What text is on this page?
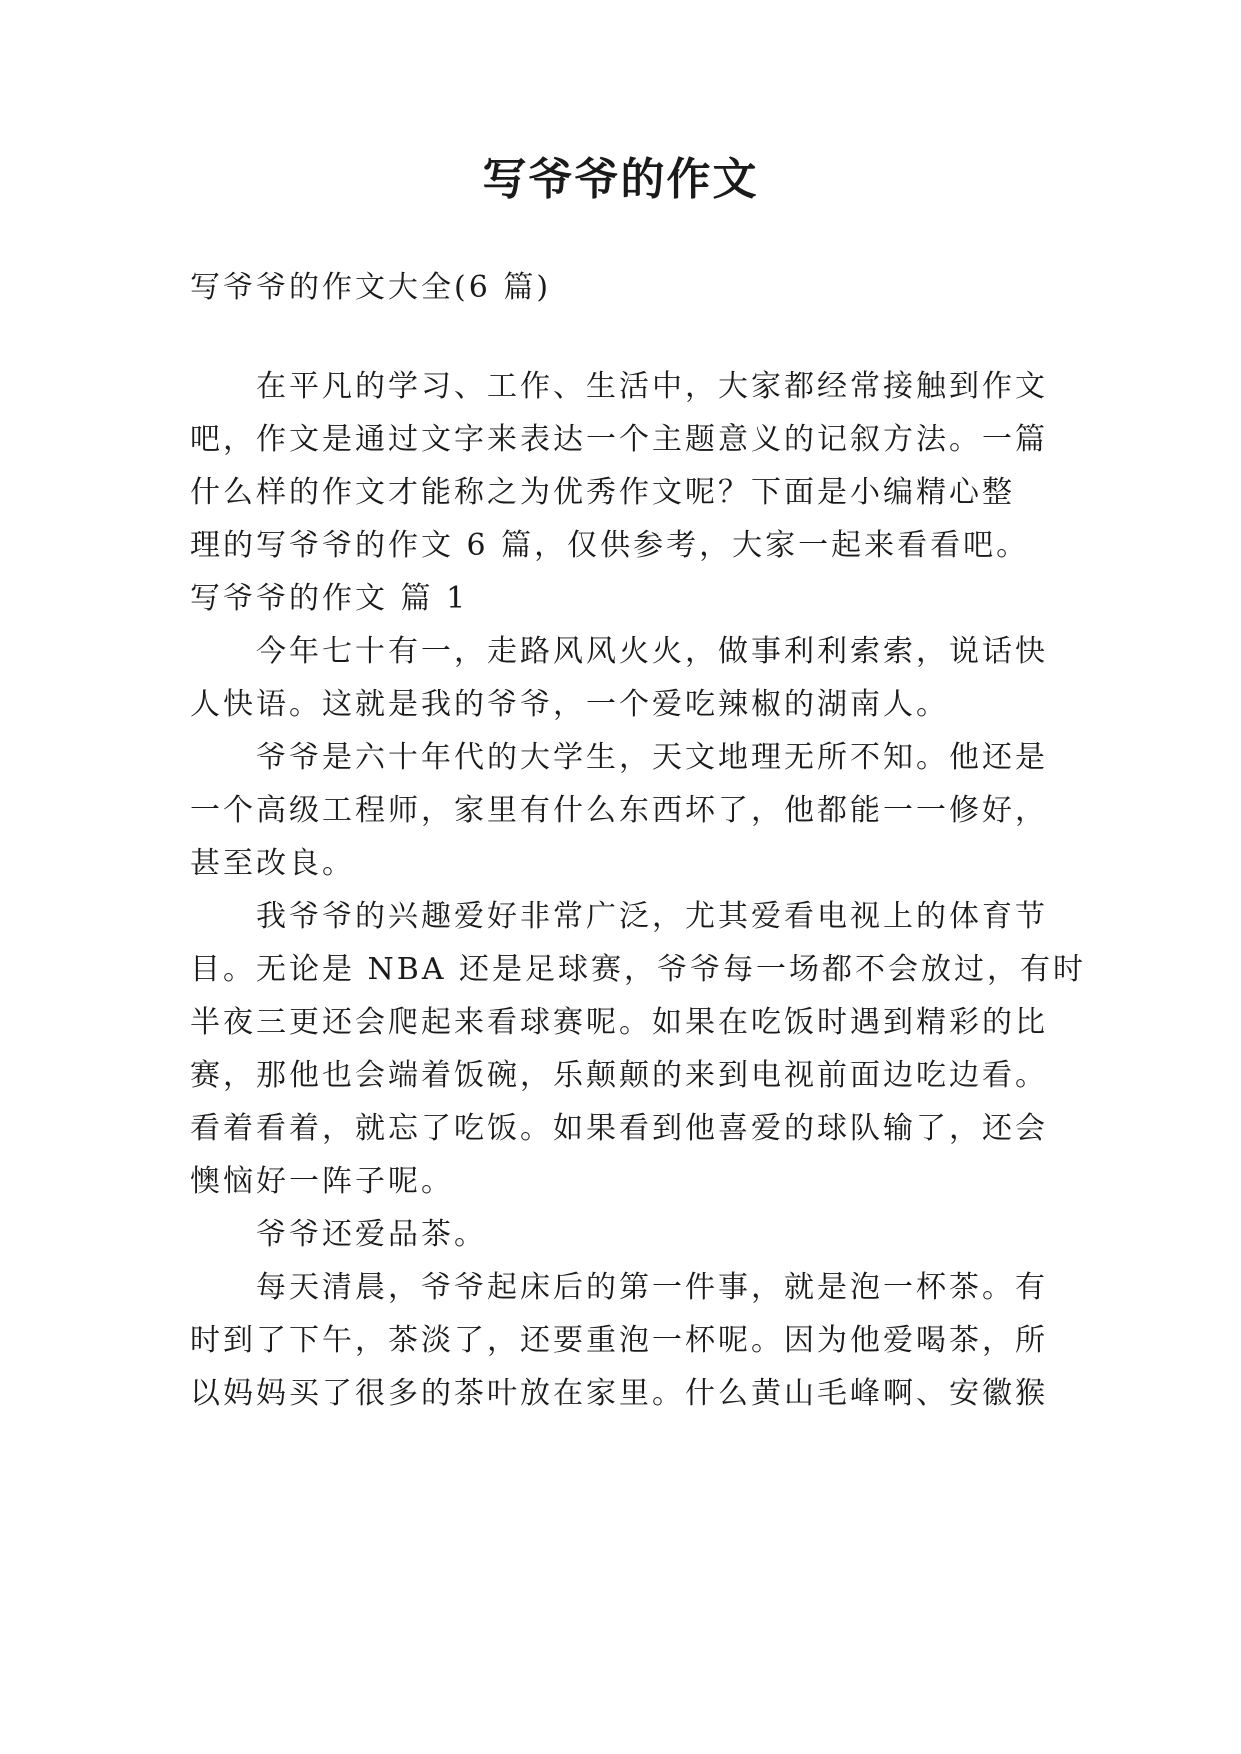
写爷爷的作文
写爷爷的作文大全(6 篇)
在平凡的学习、工作、生活中，大家都经常接触到作文
吧，作文是通过文字来表达一个主题意义的记叙方法。一篇
什么样的作文才能称之为优秀作文呢？下面是小编精心整
理的写爷爷的作文 6 篇，仅供参考，大家一起来看看吧。
写爷爷的作文 篇 1
今年七十有一，走路风风火火，做事利利索索，说话快
人快语。这就是我的爷爷，一个爱吃辣椒的湖南人。
爷爷是六十年代的大学生，天文地理无所不知。他还是
一个高级工程师，家里有什么东西坏了，他都能一一修好，
甚至改良。
我爷爷的兴趣爱好非常广泛，尤其爱看电视上的体育节
目。无论是 NBA 还是足球赛，爷爷每一场都不会放过，有时
半夜三更还会爬起来看球赛呢。如果在吃饭时遇到精彩的比
赛，那他也会端着饭碗，乐颠颠的来到电视前面边吃边看。
看着看着，就忘了吃饭。如果看到他喜爱的球队输了，还会
懊恼好一阵子呢。
爷爷还爱品茶。
每天清晨，爷爷起床后的第一件事，就是泡一杯茶。有
时到了下午，茶淡了，还要重泡一杯呢。因为他爱喝茶，所
以妈妈买了很多的茶叶放在家里。什么黄山毛峰啊、安徽猴
